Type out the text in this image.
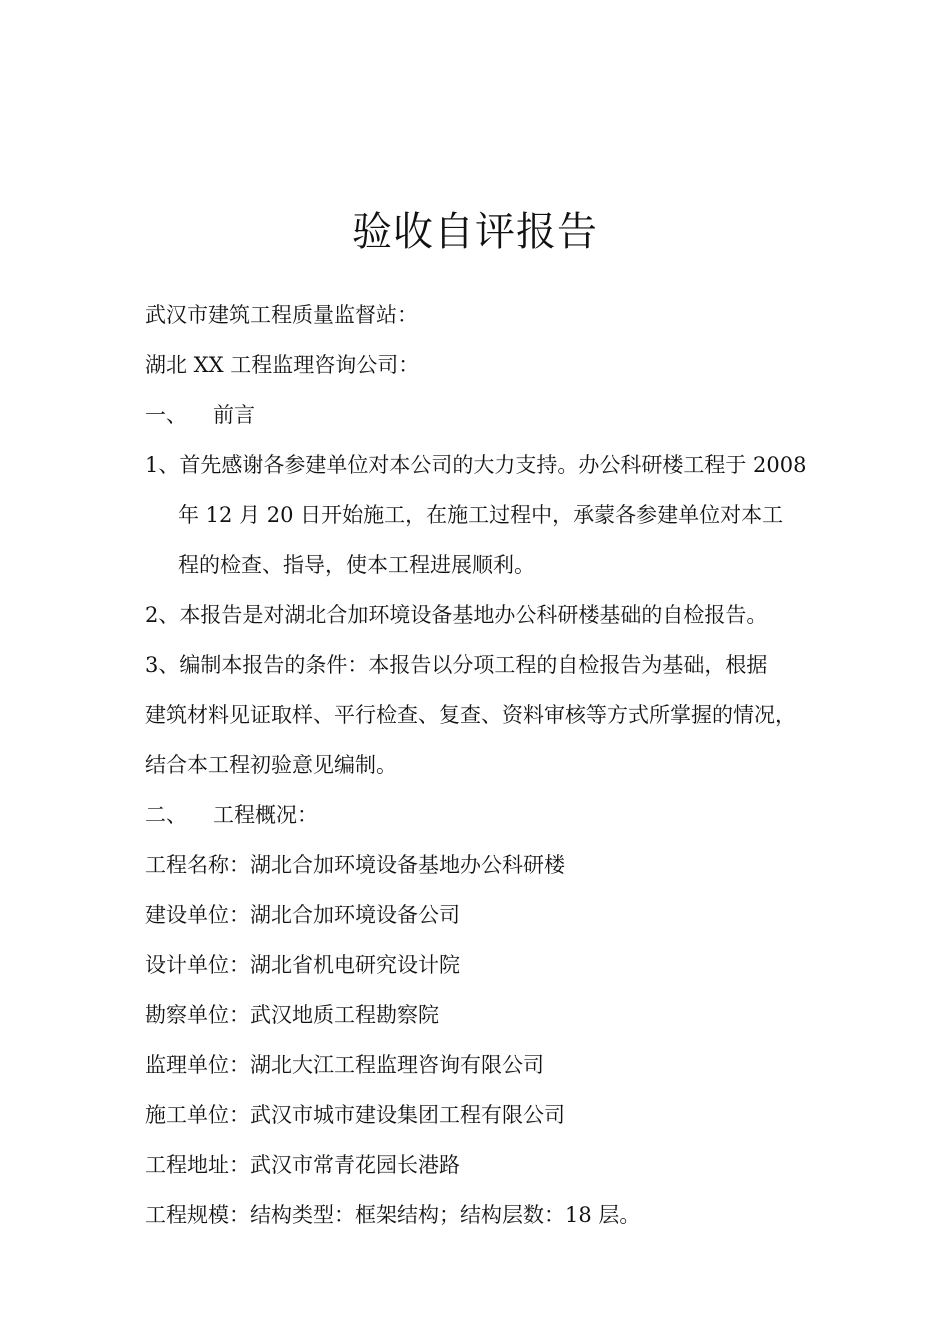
验收自评报告
武汉市建筑工程质量监督站：
湖北 XX 工程监理咨询公司：
一、 前言
1、首先感谢各参建单位对本公司的大力支持。办公科研楼工程于 2008
年 12 月 20 日开始施工，在施工过程中，承蒙各参建单位对本工
程的检查、指导，使本工程进展顺利。
2、本报告是对湖北合加环境设备基地办公科研楼基础的自检报告。
3、编制本报告的条件：本报告以分项工程的自检报告为基础，根据
建筑材料见证取样、平行检查、复查、资料审核等方式所掌握的情况，
结合本工程初验意见编制。
二、 工程概况：
工程名称：湖北合加环境设备基地办公科研楼
建设单位：湖北合加环境设备公司
设计单位：湖北省机电研究设计院
勘察单位：武汉地质工程勘察院
监理单位：湖北大江工程监理咨询有限公司
施工单位：武汉市城市建设集团工程有限公司
工程地址：武汉市常青花园长港路
工程规模：结构类型：框架结构；结构层数：18 层。
